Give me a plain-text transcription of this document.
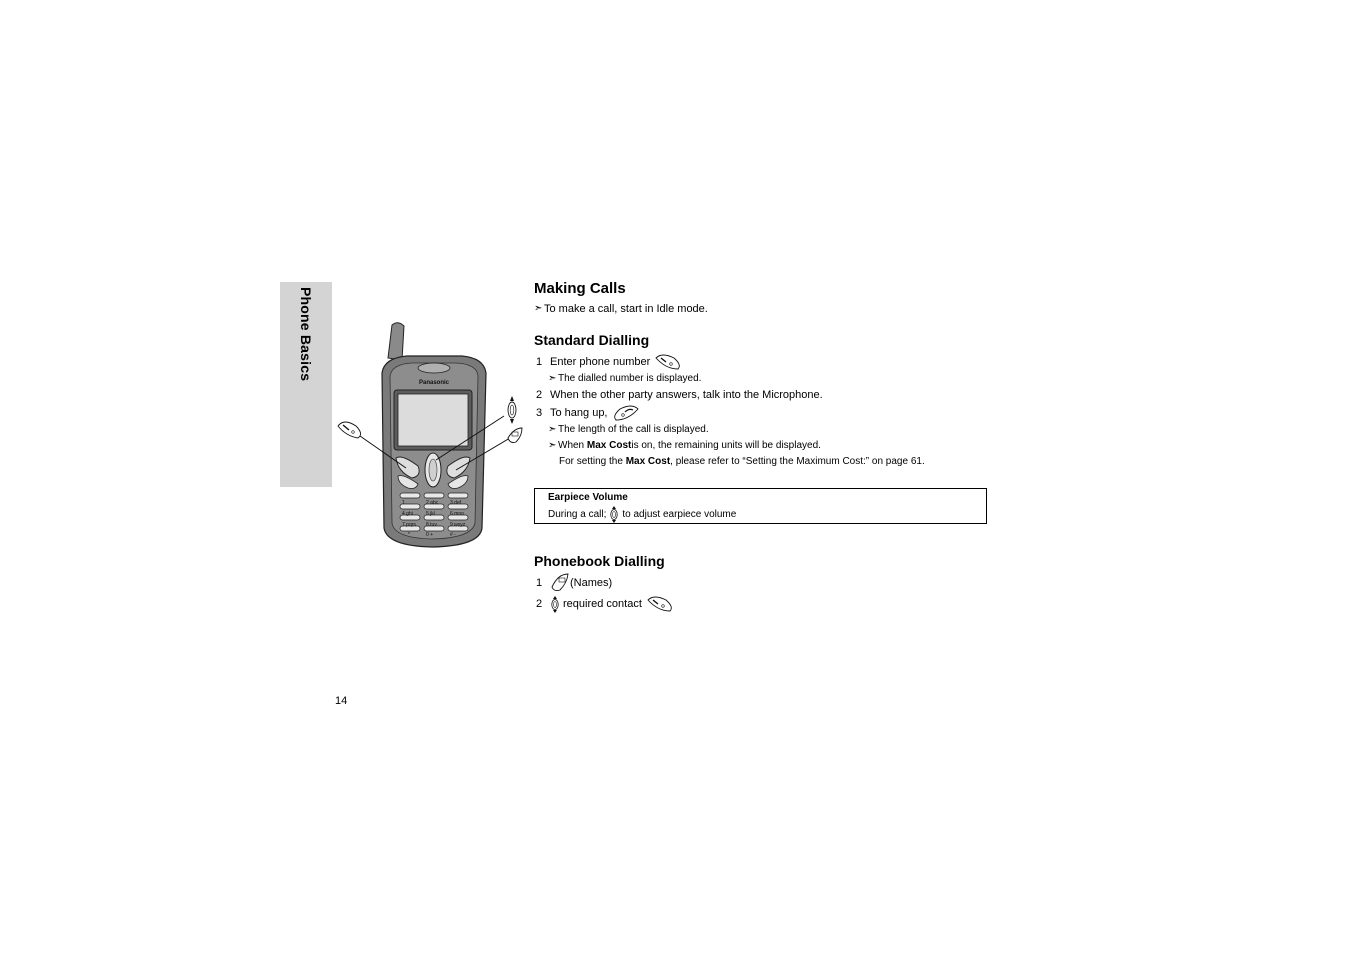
Phone Basics
Panasonic
1	2 abc 3 def
4 ghi	5 jkl	6 mno
7 pqrs 8 tuv	9 wxyz
*	0 +	# -
Making Calls
➣ To make a call, start in Idle mode.
Standard Dialling
1 Enter phone number
➣ The dialled number is displayed.
2 When the other party answers, talk into the Microphone.
3 To hang up,
➣ The length of the call is displayed.
➣ When
Max Cost is on, the remaining units will be displayed.
For setting the
Max Cost , please refer to “Setting the Maximum Cost:” on page 61.
Earpiece Volume
During a call; to adjust earpiece volume
Phonebook Dialling
1	(Names)
2	required contact
14
